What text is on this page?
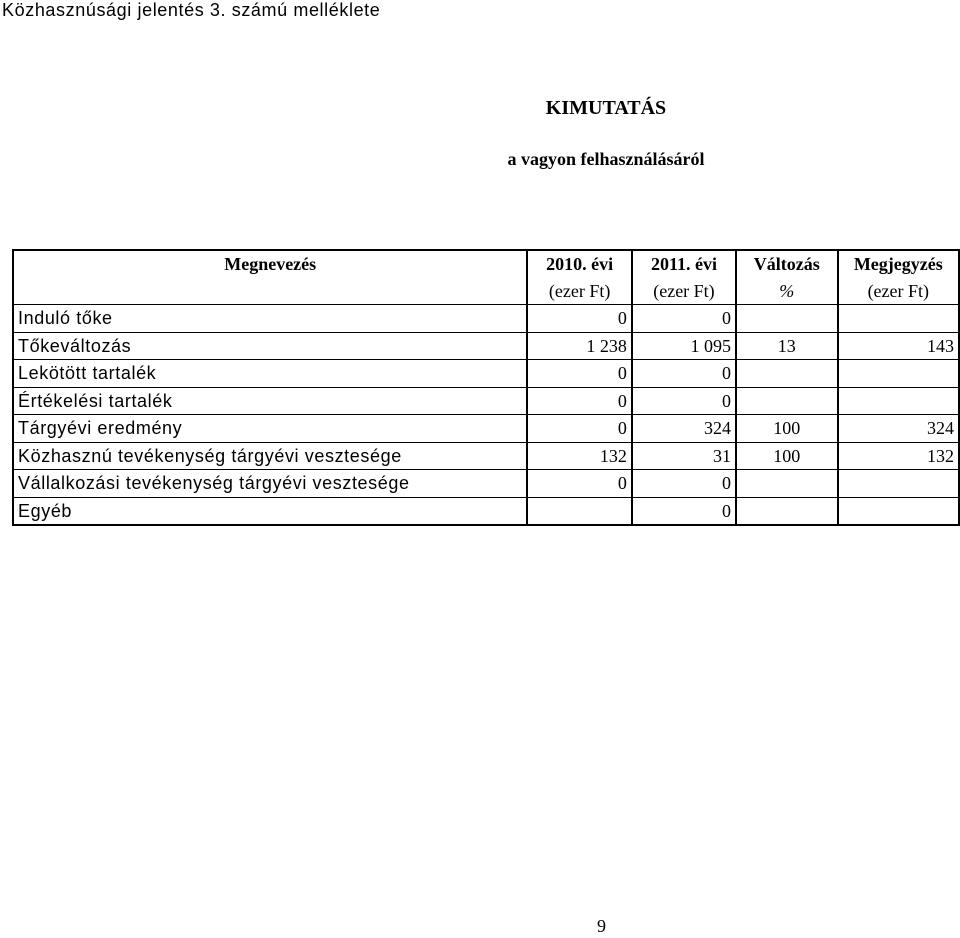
Közhasznúsági jelentés 3. számú melléklete
KIMUTATÁS
a vagyon felhasználásáról
Megnevezés	2010. évi	2011. évi	Változás	Megjegyzés
	(ezer Ft)	(ezer Ft)	%	(ezer Ft)
Induló tőke	0	0		
Tőkeváltozás	1 238	1 095	13	143
Lekötött tartalék	0	0		
Értékelési tartalék	0	0		
Tárgyévi eredmény	0	324	100	324
Közhasznú tevékenység tárgyévi vesztesége	132	31	100	132
Vállalkozási tevékenység tárgyévi vesztesége	0	0		
Egyéb		0		
9
